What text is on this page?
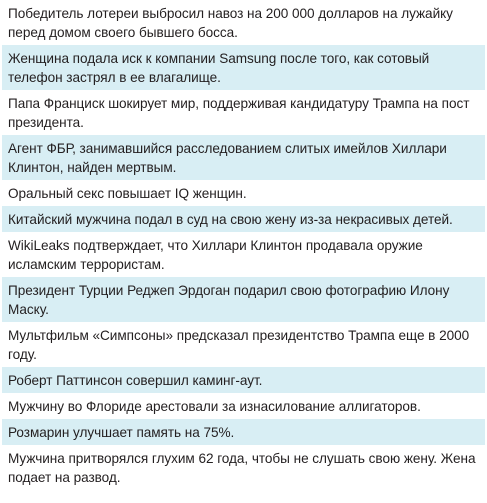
Победитель лотереи выбросил навоз на 200 000 долларов на лужайку перед домом своего бывшего босса.
Женщина подала иск к компании Samsung после того, как сотовый телефон застрял в ее влагалище.
Папа Франциск шокирует мир, поддерживая кандидатуру Трампа на пост президента.
Агент ФБР, занимавшийся расследованием слитых имейлов Хиллари Клинтон, найден мертвым.
Оральный секс повышает IQ женщин.
Китайский мужчина подал в суд на свою жену из-за некрасивых детей.
WikiLeaks подтверждает, что Хиллари Клинтон продавала оружие исламским террористам.
Президент Турции Реджеп Эрдоган подарил свою фотографию Илону Маску.
Мультфильм «Симпсоны» предсказал президентство Трампа еще в 2000 году.
Роберт Паттинсон совершил каминг-аут.
Мужчину во Флориде арестовали за изнасилование аллигаторов.
Розмарин улучшает память на 75%.
Мужчина притворялся глухим 62 года, чтобы не слушать свою жену. Жена подает на развод.
